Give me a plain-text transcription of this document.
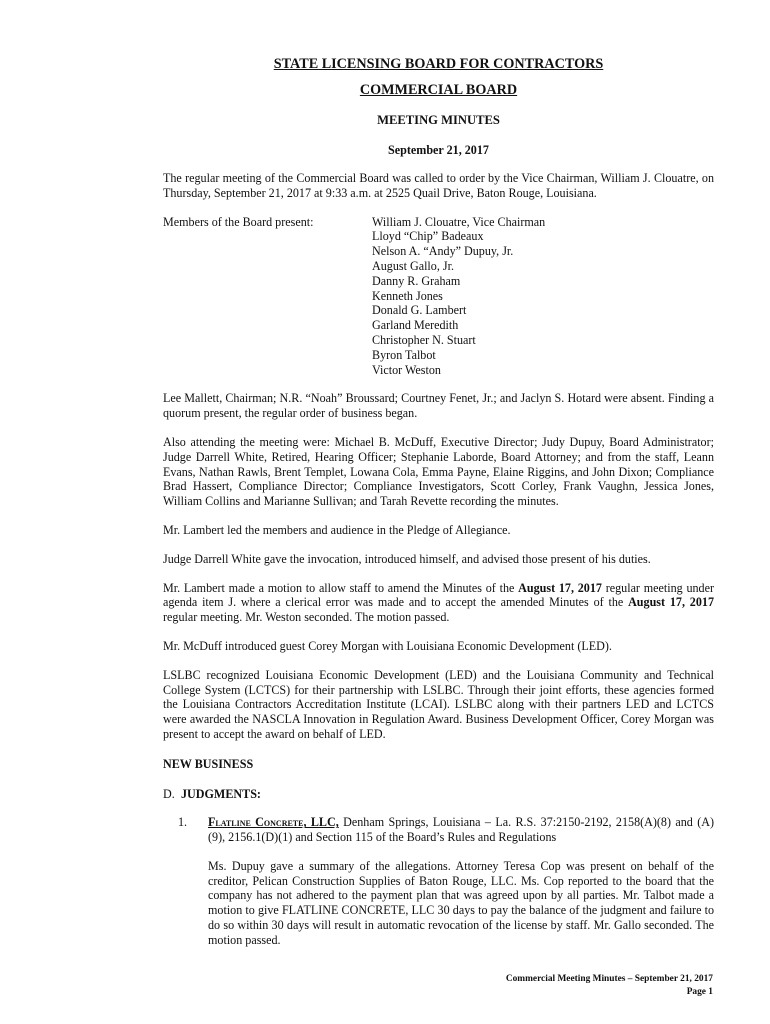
STATE LICENSING BOARD FOR CONTRACTORS
COMMERCIAL BOARD
MEETING MINUTES
September 21, 2017

The regular meeting of the Commercial Board was called to order by the Vice Chairman, William J. Clouatre, on Thursday, September 21, 2017 at 9:33 a.m. at 2525 Quail Drive, Baton Rouge, Louisiana.

Members of the Board present:	William J. Clouatre, Vice Chairman
Lloyd “Chip” Badeaux
Nelson A. “Andy” Dupuy, Jr.
August Gallo, Jr.
Danny R. Graham
Kenneth Jones
Donald G. Lambert
Garland Meredith
Christopher N. Stuart
Byron Talbot
Victor Weston

Lee Mallett, Chairman; N.R. “Noah” Broussard; Courtney Fenet, Jr.; and Jaclyn S. Hotard were absent. Finding a quorum present, the regular order of business began.

Also attending the meeting were: Michael B. McDuff, Executive Director; Judy Dupuy, Board Administrator; Judge Darrell White, Retired, Hearing Officer; Stephanie Laborde, Board Attorney; and from the staff, Leann Evans, Nathan Rawls, Brent Templet, Lowana Cola, Emma Payne, Elaine Riggins, and John Dixon; Compliance Brad Hassert, Compliance Director; Compliance Investigators, Scott Corley, Frank Vaughn, Jessica Jones, William Collins and Marianne Sullivan; and Tarah Revette recording the minutes.

Mr. Lambert led the members and audience in the Pledge of Allegiance.

Judge Darrell White gave the invocation, introduced himself, and advised those present of his duties.

Mr. Lambert made a motion to allow staff to amend the Minutes of the August 17, 2017 regular meeting under agenda item J. where a clerical error was made and to accept the amended Minutes of the August 17, 2017 regular meeting. Mr. Weston seconded. The motion passed.

Mr. McDuff introduced guest Corey Morgan with Louisiana Economic Development (LED).

LSLBC recognized Louisiana Economic Development (LED) and the Louisiana Community and Technical College System (LCTCS) for their partnership with LSLBC. Through their joint efforts, these agencies formed the Louisiana Contractors Accreditation Institute (LCAI). LSLBC along with their partners LED and LCTCS were awarded the NASCLA Innovation in Regulation Award. Business Development Officer, Corey Morgan was present to accept the award on behalf of LED.

NEW BUSINESS
D. JUDGMENTS:
1.	Flatline Concrete, LLC, Denham Springs, Louisiana – La. R.S. 37:2150-2192, 2158(A)(8) and (A)(9), 2156.1(D)(1) and Section 115 of the Board’s Rules and Regulations

Ms. Dupuy gave a summary of the allegations. Attorney Teresa Cop was present on behalf of the creditor, Pelican Construction Supplies of Baton Rouge, LLC. Ms. Cop reported to the board that the company has not adhered to the payment plan that was agreed upon by all parties. Mr. Talbot made a motion to give FLATLINE CONCRETE, LLC 30 days to pay the balance of the judgment and failure to do so within 30 days will result in automatic revocation of the license by staff. Mr. Gallo seconded. The motion passed.

Commercial Meeting Minutes – September 21, 2017
Page 1
